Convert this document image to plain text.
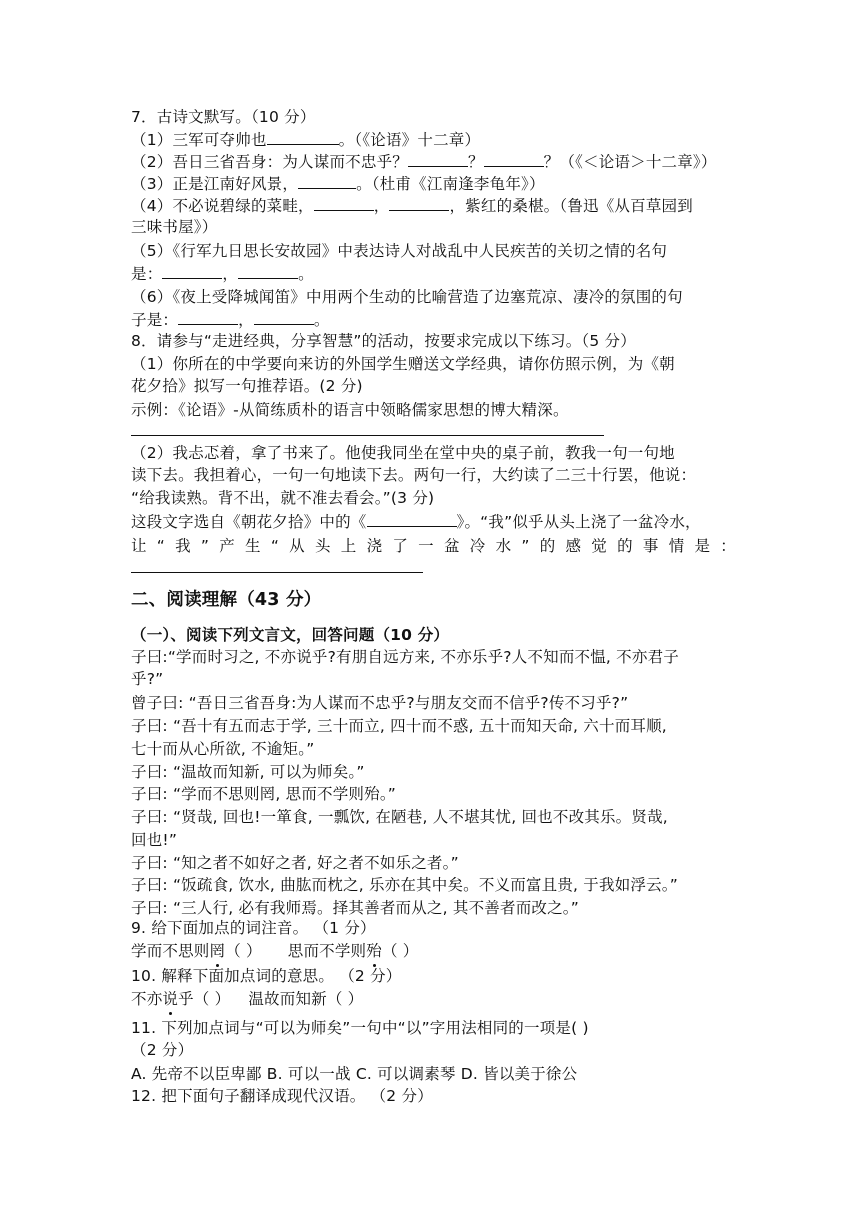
7．古诗文默写。（10 分）
（1）三军可夺帅也	。（《论语》十二章）
（2）吾日三省吾身：为人谋而不忠乎？	？	？（《＜论语＞十二章》）
（3）正是江南好风景，	。（杜甫《江南逢李龟年》）
（4）不必说碧绿的菜畦，	，	，紫红的桑椹。（鲁迅《从百草园到
三味书屋》）
（5）《行军九日思长安故园》中表达诗人对战乱中人民疾苦的关切之情的名句
是：	，	。
（6）《夜上受降城闻笛》中用两个生动的比喻营造了边塞荒凉、凄冷的氛围的句
子是：	，	。
8．请参与“走进经典，分享智慧”的活动，按要求完成以下练习。（5 分）
（1）你所在的中学要向来访的外国学生赠送文学经典，请你仿照示例，为《朝
花夕拾》拟写一句推荐语。(2 分)
示例：《论语》-从简练质朴的语言中领略儒家思想的博大精深。
（2）我忐忑着，拿了书来了。他使我同坐在堂中央的桌子前，教我一句一句地
读下去。我担着心，一句一句地读下去。两句一行，大约读了二三十行罢，他说：
“给我读熟。背不出，就不准去看会。”(3 分)
这段文字选自《朝花夕拾》中的《	》。“我”似乎从头上浇了一盆冷水，
让“我”产生“从头上浇了一盆冷水”的感觉的事情是：
二、阅读理解（43 分）
（一）、阅读下列文言文，回答问题（10 分）
子曰:“学而时习之, 不亦说乎?有朋自远方来, 不亦乐乎?人不知而不愠, 不亦君子
乎?”
曾子曰: “吾日三省吾身:为人谋而不忠乎?与朋友交而不信乎?传不习乎?”
子曰: “吾十有五而志于学, 三十而立, 四十而不惑, 五十而知天命, 六十而耳顺,
七十而从心所欲, 不逾矩。”
子曰: “温故而知新, 可以为师矣。”
子曰: “学而不思则罔, 思而不学则殆。”
子曰: “贤哉, 回也!一箪食, 一瓢饮, 在陋巷, 人不堪其忧, 回也不改其乐。贤哉,
回也!”
子曰: “知之者不如好之者, 好之者不如乐之者。”
子曰: “饭疏食, 饮水, 曲肱而枕之, 乐亦在其中矣。不义而富且贵, 于我如浮云。”
子曰: “三人行, 必有我师焉。择其善者而从之, 其不善者而改之。”
9. 给下面加点的词注音。 （1 分）
学而不思则罔（ ） 思而不学则殆（ ）
10. 解释下面加点词的意思。 （2 分）
不亦说乎（ ） 温故而知新（ ）
11. 下列加点词与“可以为师矣”一句中“以”字用法相同的一项是( )
（2 分）
A. 先帝不以臣卑鄙 B. 可以一战 C. 可以调素琴 D. 皆以美于徐公
12. 把下面句子翻译成现代汉语。 （2 分）
